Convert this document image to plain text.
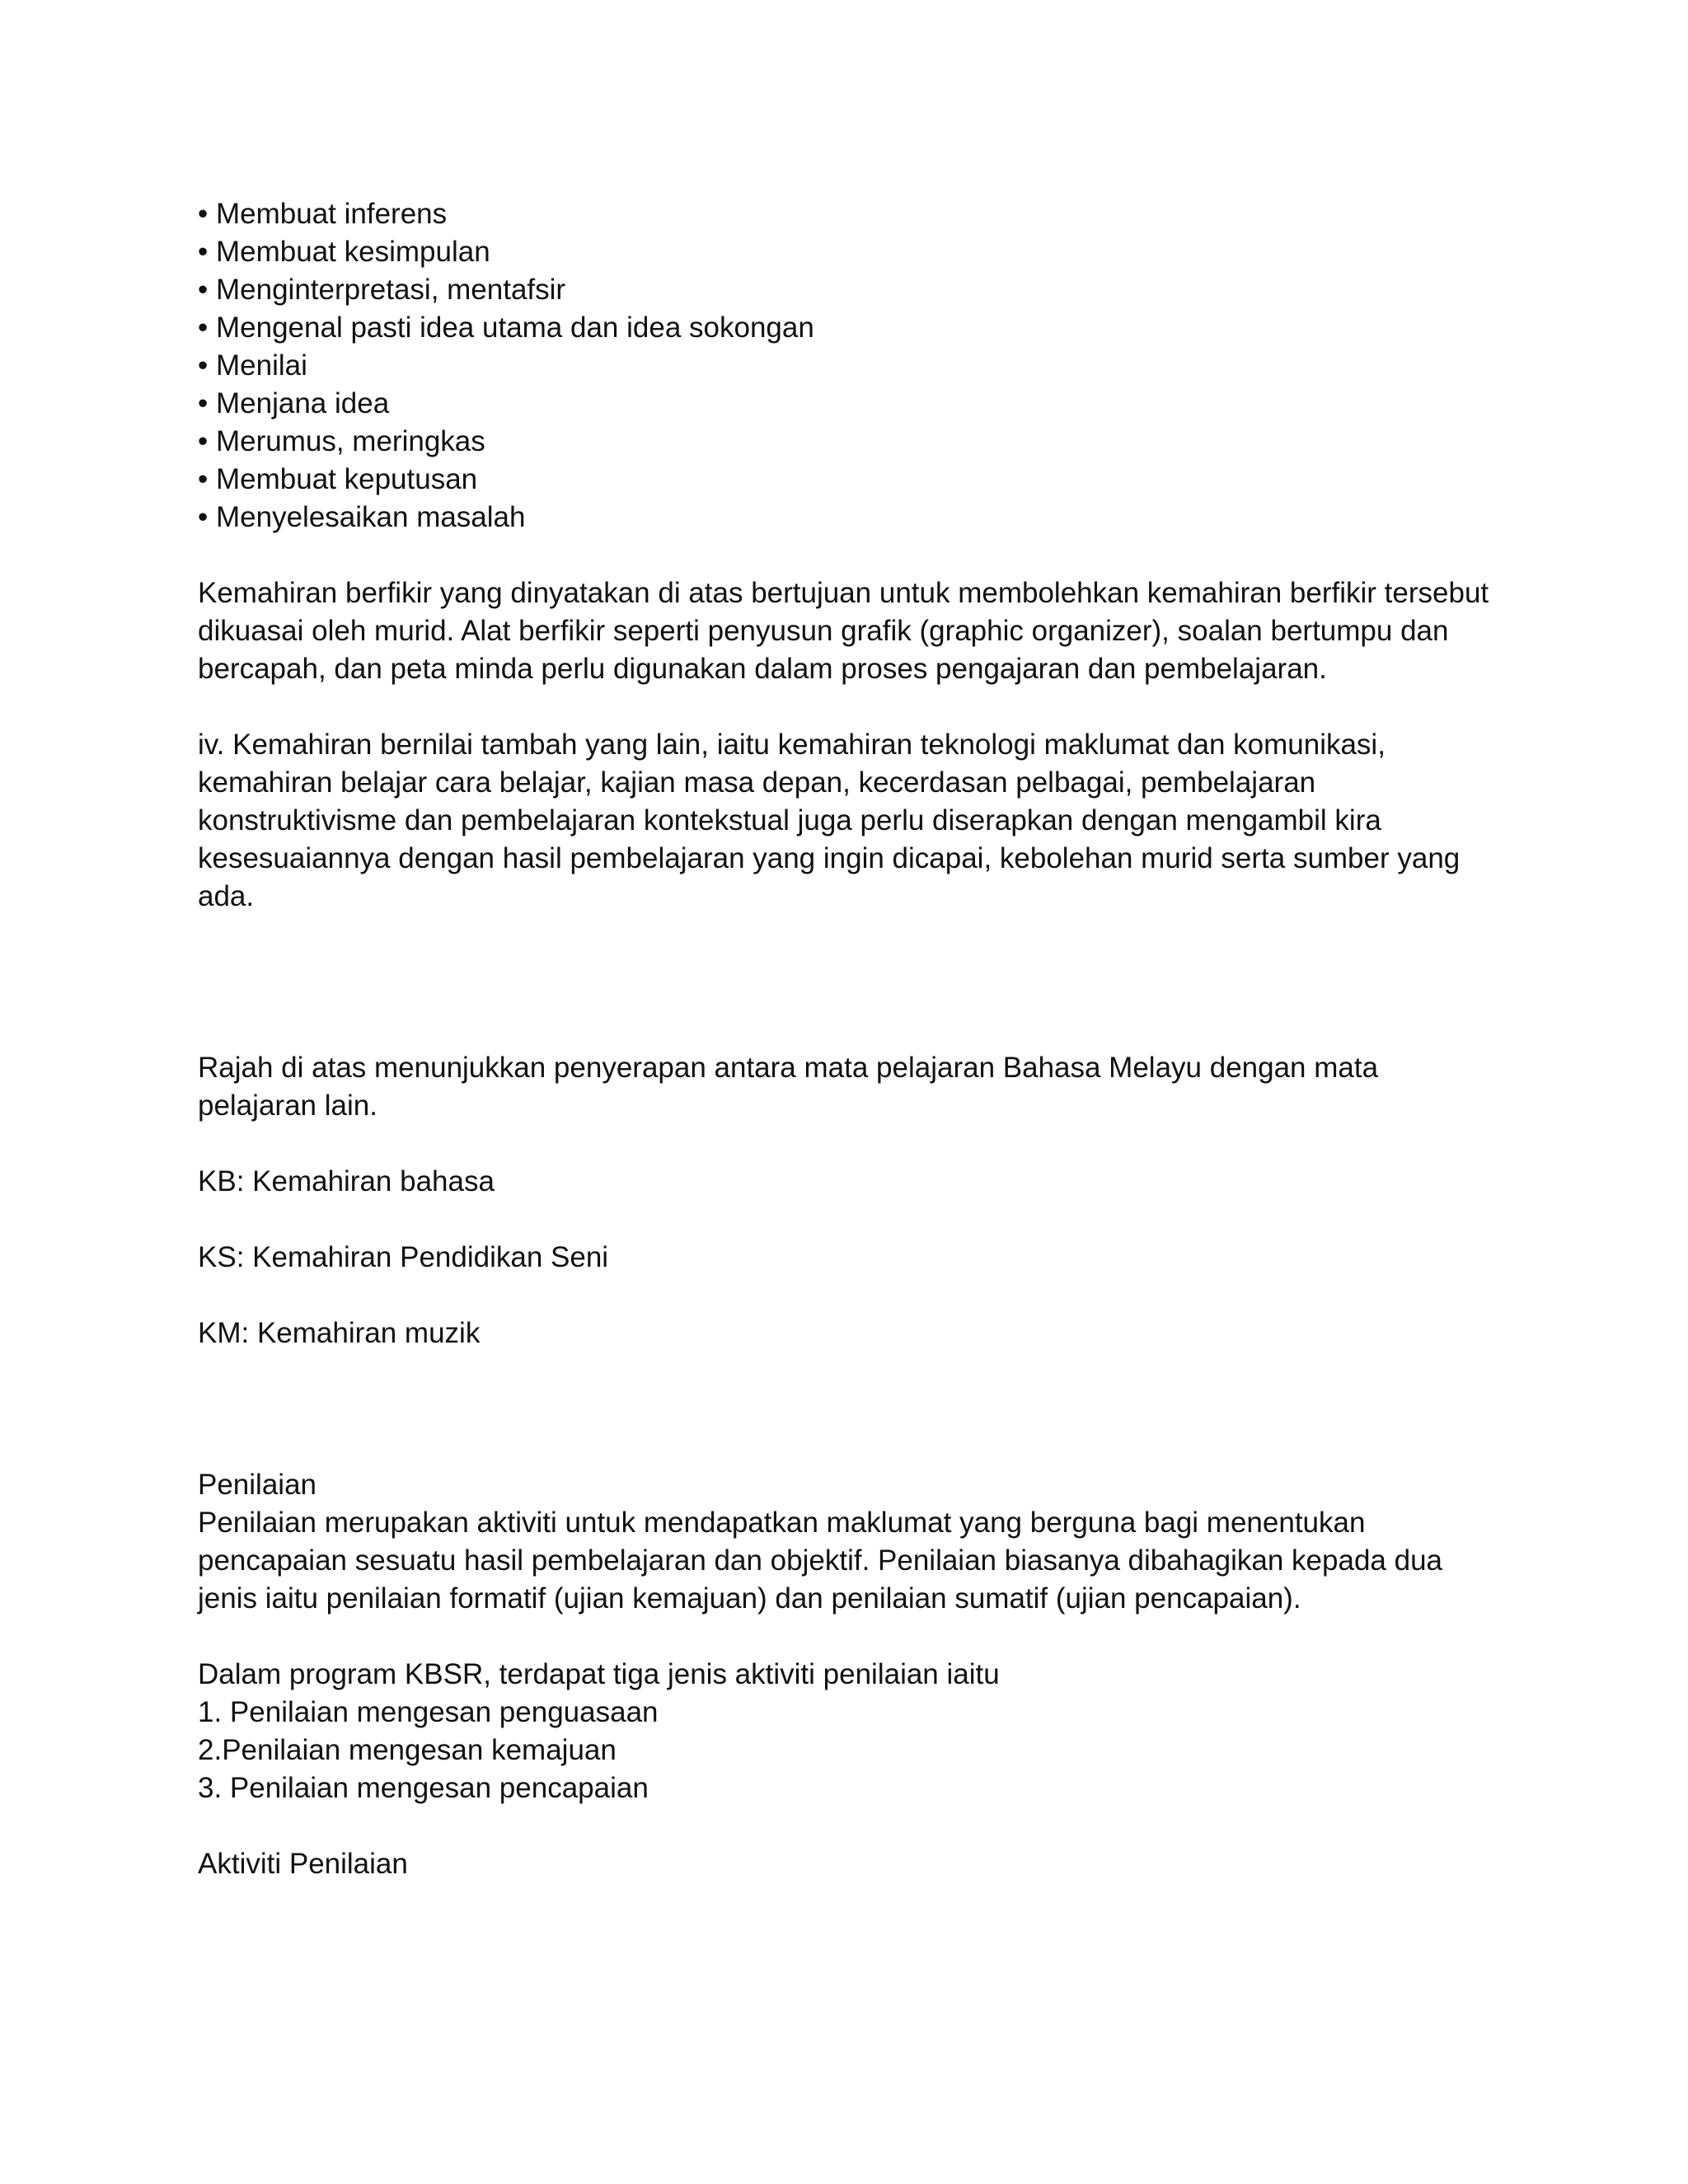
• Membuat inferens
• Membuat kesimpulan
• Menginterpretasi, mentafsir
• Mengenal pasti idea utama dan idea sokongan
• Menilai
• Menjana idea
• Merumus, meringkas
• Membuat keputusan
• Menyelesaikan masalah

Kemahiran berfikir yang dinyatakan di atas bertujuan untuk membolehkan kemahiran berfikir tersebut dikuasai oleh murid. Alat berfikir seperti penyusun grafik (graphic organizer), soalan bertumpu dan bercapah, dan peta minda perlu digunakan dalam proses pengajaran dan pembelajaran.

iv. Kemahiran bernilai tambah yang lain, iaitu kemahiran teknologi maklumat dan komunikasi, kemahiran belajar cara belajar, kajian masa depan, kecerdasan pelbagai, pembelajaran konstruktivisme dan pembelajaran kontekstual juga perlu diserapkan dengan mengambil kira kesesuaiannya dengan hasil pembelajaran yang ingin dicapai, kebolehan murid serta sumber yang ada.

Rajah di atas menunjukkan penyerapan antara mata pelajaran Bahasa Melayu dengan mata pelajaran lain.

KB: Kemahiran bahasa

KS: Kemahiran Pendidikan Seni

KM: Kemahiran muzik

Penilaian

Penilaian merupakan aktiviti untuk mendapatkan maklumat yang berguna bagi menentukan pencapaian sesuatu hasil pembelajaran dan objektif. Penilaian biasanya dibahagikan kepada dua jenis iaitu penilaian formatif (ujian kemajuan) dan penilaian sumatif (ujian pencapaian).

Dalam program KBSR, terdapat tiga jenis aktiviti penilaian iaitu

1. Penilaian mengesan penguasaan
2.Penilaian mengesan kemajuan
3. Penilaian mengesan pencapaian

Aktiviti Penilaian
